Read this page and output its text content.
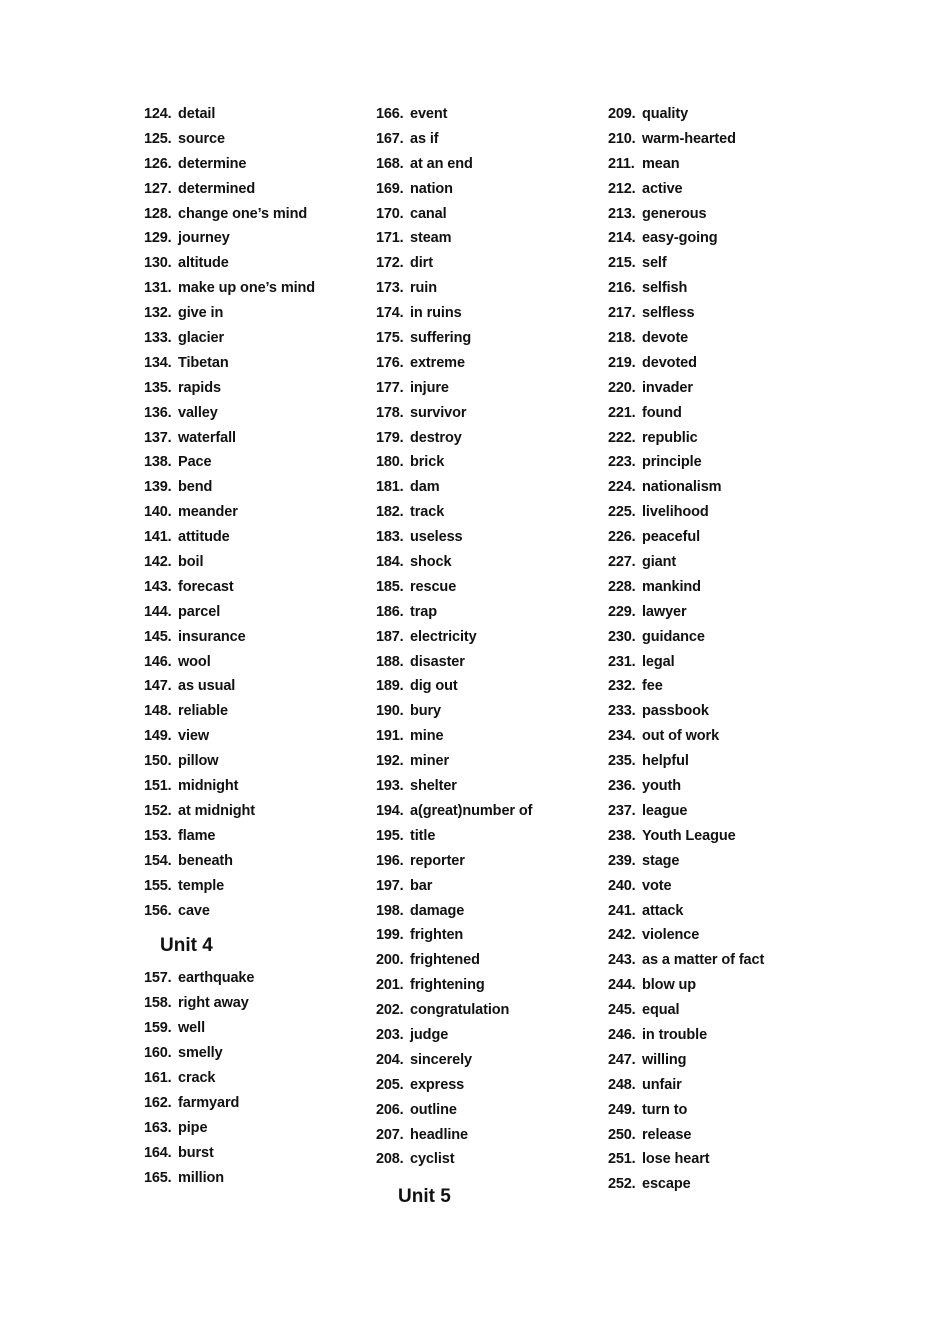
124. detail
125. source
126. determine
127. determined
128. change one’s mind
129. journey
130. altitude
131. make up one’s mind
132. give in
133. glacier
134. Tibetan
135. rapids
136. valley
137. waterfall
138. Pace
139. bend
140. meander
141. attitude
142. boil
143. forecast
144. parcel
145. insurance
146. wool
147. as usual
148. reliable
149. view
150. pillow
151. midnight
152. at midnight
153. flame
154. beneath
155. temple
156. cave
Unit 4
157. earthquake
158. right away
159. well
160. smelly
161. crack
162. farmyard
163. pipe
164. burst
165. million
166. event
167. as if
168. at an end
169. nation
170. canal
171. steam
172. dirt
173. ruin
174. in ruins
175. suffering
176. extreme
177. injure
178. survivor
179. destroy
180. brick
181. dam
182. track
183. useless
184. shock
185. rescue
186. trap
187. electricity
188. disaster
189. dig out
190. bury
191. mine
192. miner
193. shelter
194. a(great)number of
195. title
196. reporter
197. bar
198. damage
199. frighten
200. frightened
201. frightening
202. congratulation
203. judge
204. sincerely
205. express
206. outline
207. headline
208. cyclist
Unit 5
209. quality
210. warm-hearted
211. mean
212. active
213. generous
214. easy-going
215. self
216. selfish
217. selfless
218. devote
219. devoted
220. invader
221. found
222. republic
223. principle
224. nationalism
225. livelihood
226. peaceful
227. giant
228. mankind
229. lawyer
230. guidance
231. legal
232. fee
233. passbook
234. out of work
235. helpful
236. youth
237. league
238. Youth League
239. stage
240. vote
241. attack
242. violence
243. as a matter of fact
244. blow up
245. equal
246. in trouble
247. willing
248. unfair
249. turn to
250. release
251. lose heart
252. escape
